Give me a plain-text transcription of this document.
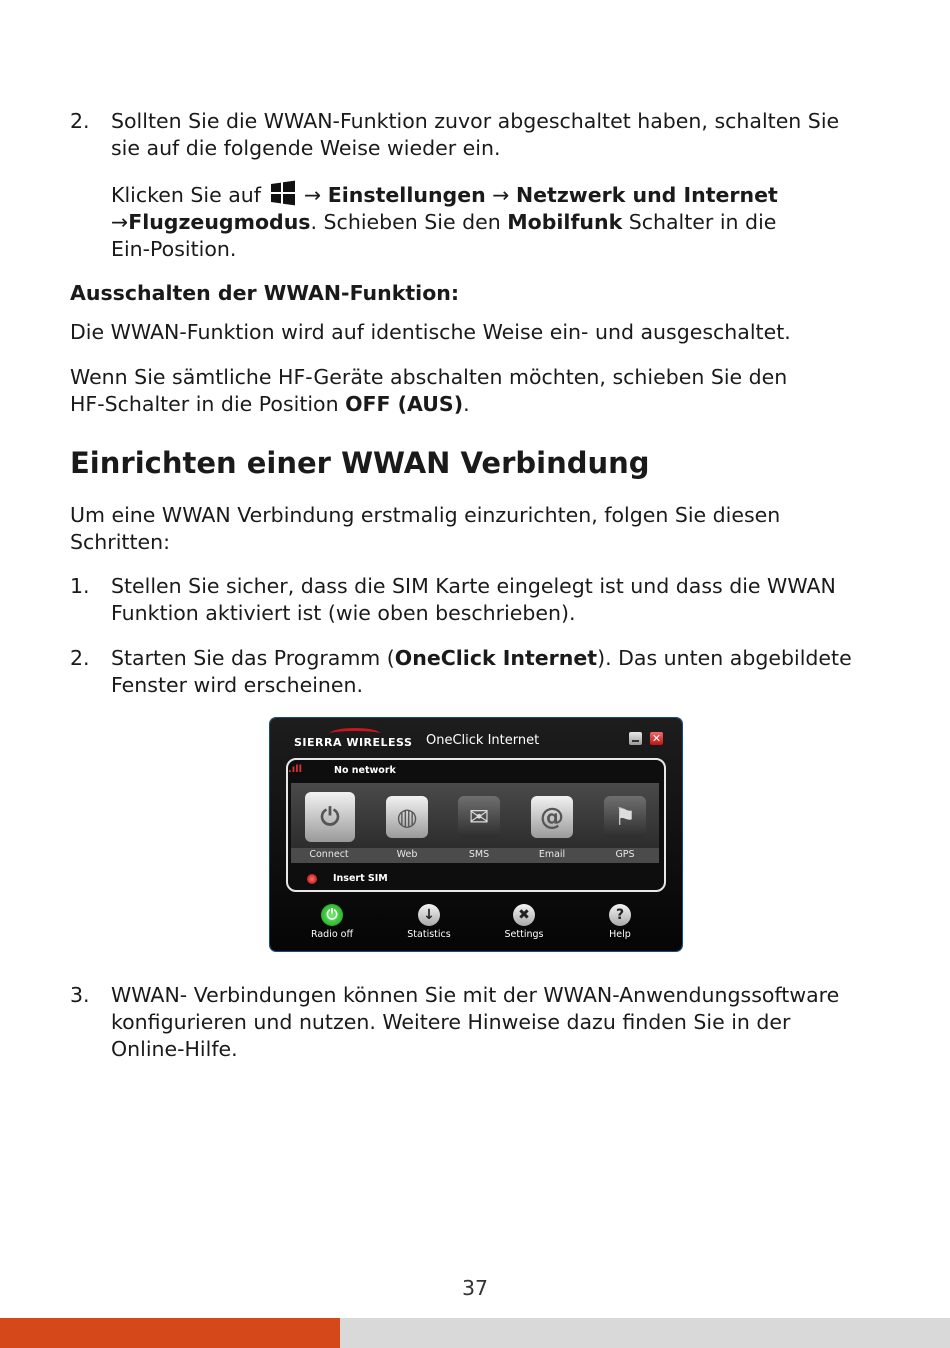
2. Sollten Sie die WWAN-Funktion zuvor abgeschaltet haben, schalten Sie
sie auf die folgende Weise wieder ein.

Klicken Sie auf → Einstellungen → Netzwerk und Internet
→Flugzeugmodus. Schieben Sie den Mobilfunk Schalter in die
Ein-Position.

Ausschalten der WWAN-Funktion:

Die WWAN-Funktion wird auf identische Weise ein- und ausgeschaltet.

Wenn Sie sämtliche HF-Geräte abschalten möchten, schieben Sie den
HF-Schalter in die Position OFF (AUS).

Einrichten einer WWAN Verbindung

Um eine WWAN Verbindung erstmalig einzurichten, folgen Sie diesen
Schritten:

1. Stellen Sie sicher, dass die SIM Karte eingelegt ist und dass die WWAN
Funktion aktiviert ist (wie oben beschrieben).

2. Starten Sie das Programm (OneClick Internet). Das unten abgebildete
Fenster wird erscheinen.

SIERRA WIRELESS OneClick Internet	✕
.ıll	No network
⏻	◍	✉	@	⚑
Connect	Web	SMS	Email	GPS
Insert SIM
⏻	↓	✖	?
Radio off	Statistics	Settings	Help
3. WWAN- Verbindungen können Sie mit der WWAN-Anwendungssoftware
konfigurieren und nutzen. Weitere Hinweise dazu finden Sie in der
Online-Hilfe.

37
